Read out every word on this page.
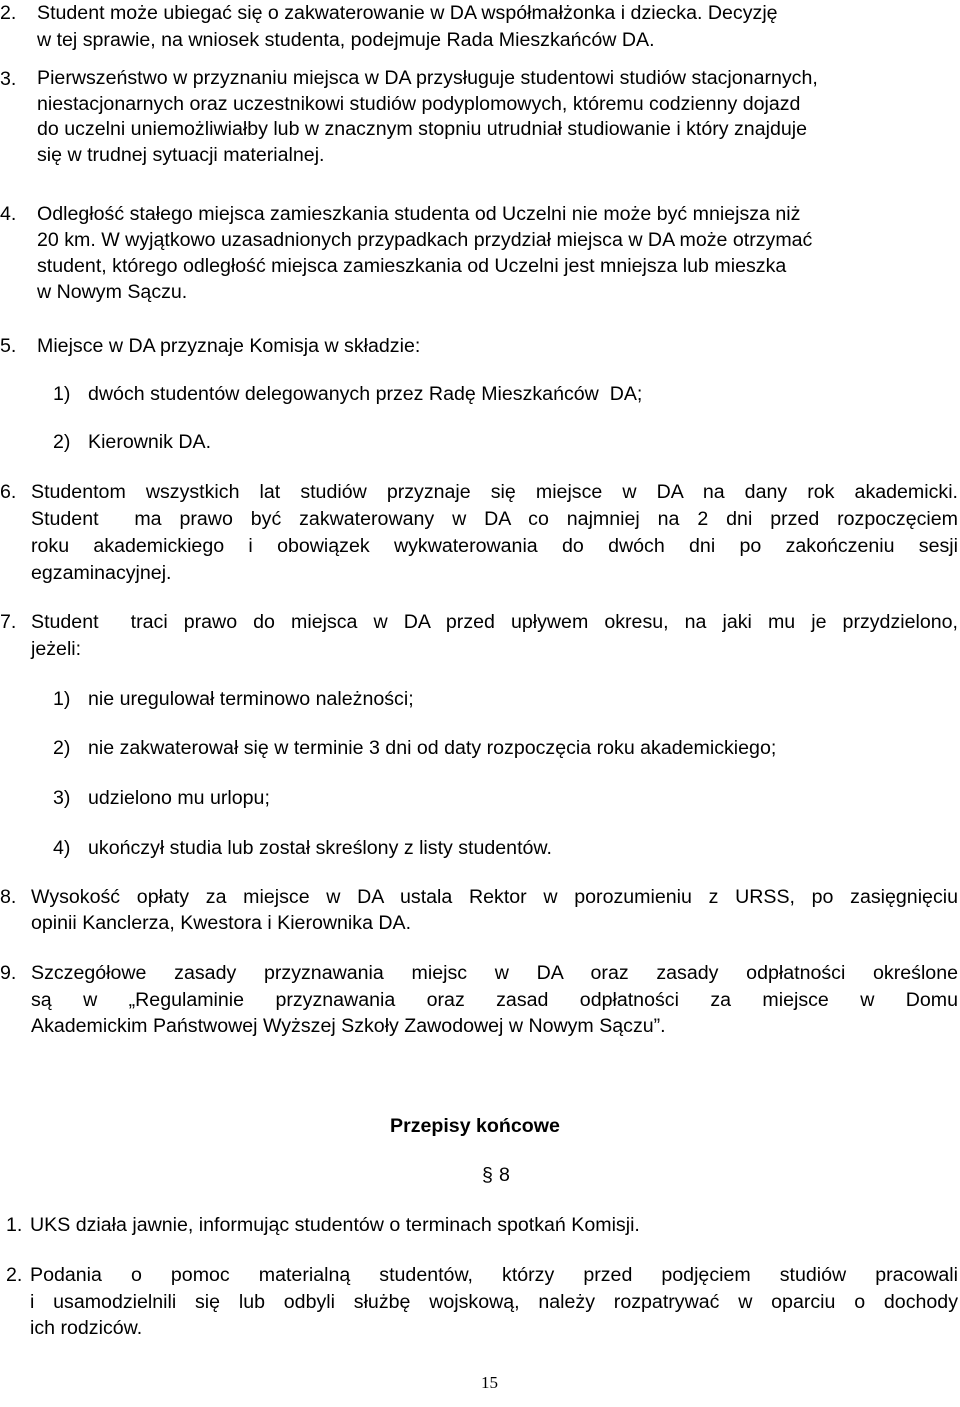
2. Student może ubiegać się o zakwaterowanie w DA współmałżonka i dziecka. Decyzję
w tej sprawie, na wniosek studenta, podejmuje Rada Mieszkańców DA.
3. Pierwszeństwo w przyznaniu miejsca w DA przysługuje studentowi studiów stacjonarnych,
niestacjonarnych oraz uczestnikowi studiów podyplomowych, któremu codzienny dojazd
do uczelni uniemożliwiałby lub w znacznym stopniu utrudniał studiowanie i który znajduje
się w trudnej sytuacji materialnej.
4. Odległość stałego miejsca zamieszkania studenta od Uczelni nie może być mniejsza niż
20 km. W wyjątkowo uzasadnionych przypadkach przydział miejsca w DA może otrzymać
student, którego odległość miejsca zamieszkania od Uczelni jest mniejsza lub mieszka
w Nowym Sączu.
5. Miejsce w DA przyznaje Komisja w składzie:
1) dwóch studentów delegowanych przez Radę Mieszkańców  DA;
2) Kierownik DA.
6. Studentom wszystkich lat studiów przyznaje się miejsce w DA na dany rok akademicki.
Student  ma prawo być zakwaterowany w DA co najmniej na 2 dni przed rozpoczęciem
roku akademickiego i obowiązek wykwaterowania do dwóch dni po zakończeniu sesji
egzaminacyjnej.
7. Student  traci prawo do miejsca w DA przed upływem okresu, na jaki mu je przydzielono,
jeżeli:
1) nie uregulował terminowo należności;
2) nie zakwaterował się w terminie 3 dni od daty rozpoczęcia roku akademickiego;
3) udzielono mu urlopu;
4) ukończył studia lub został skreślony z listy studentów.
8. Wysokość opłaty za miejsce w DA ustala Rektor w porozumieniu z URSS, po zasięgnięciu
opinii Kanclerza, Kwestora i Kierownika DA.
9. Szczegółowe zasady przyznawania miejsc w DA oraz zasady odpłatności określone
są w „Regulaminie przyznawania oraz zasad odpłatności za miejsce w Domu
Akademickim Państwowej Wyższej Szkoły Zawodowej w Nowym Sączu”.
Przepisy końcowe
§ 8
1. UKS działa jawnie, informując studentów o terminach spotkań Komisji.
2. Podania o pomoc materialną studentów, którzy przed podjęciem studiów pracowali
i usamodzielnili się lub odbyli służbę wojskową, należy rozpatrywać w oparciu o dochody
ich rodziców.
15
